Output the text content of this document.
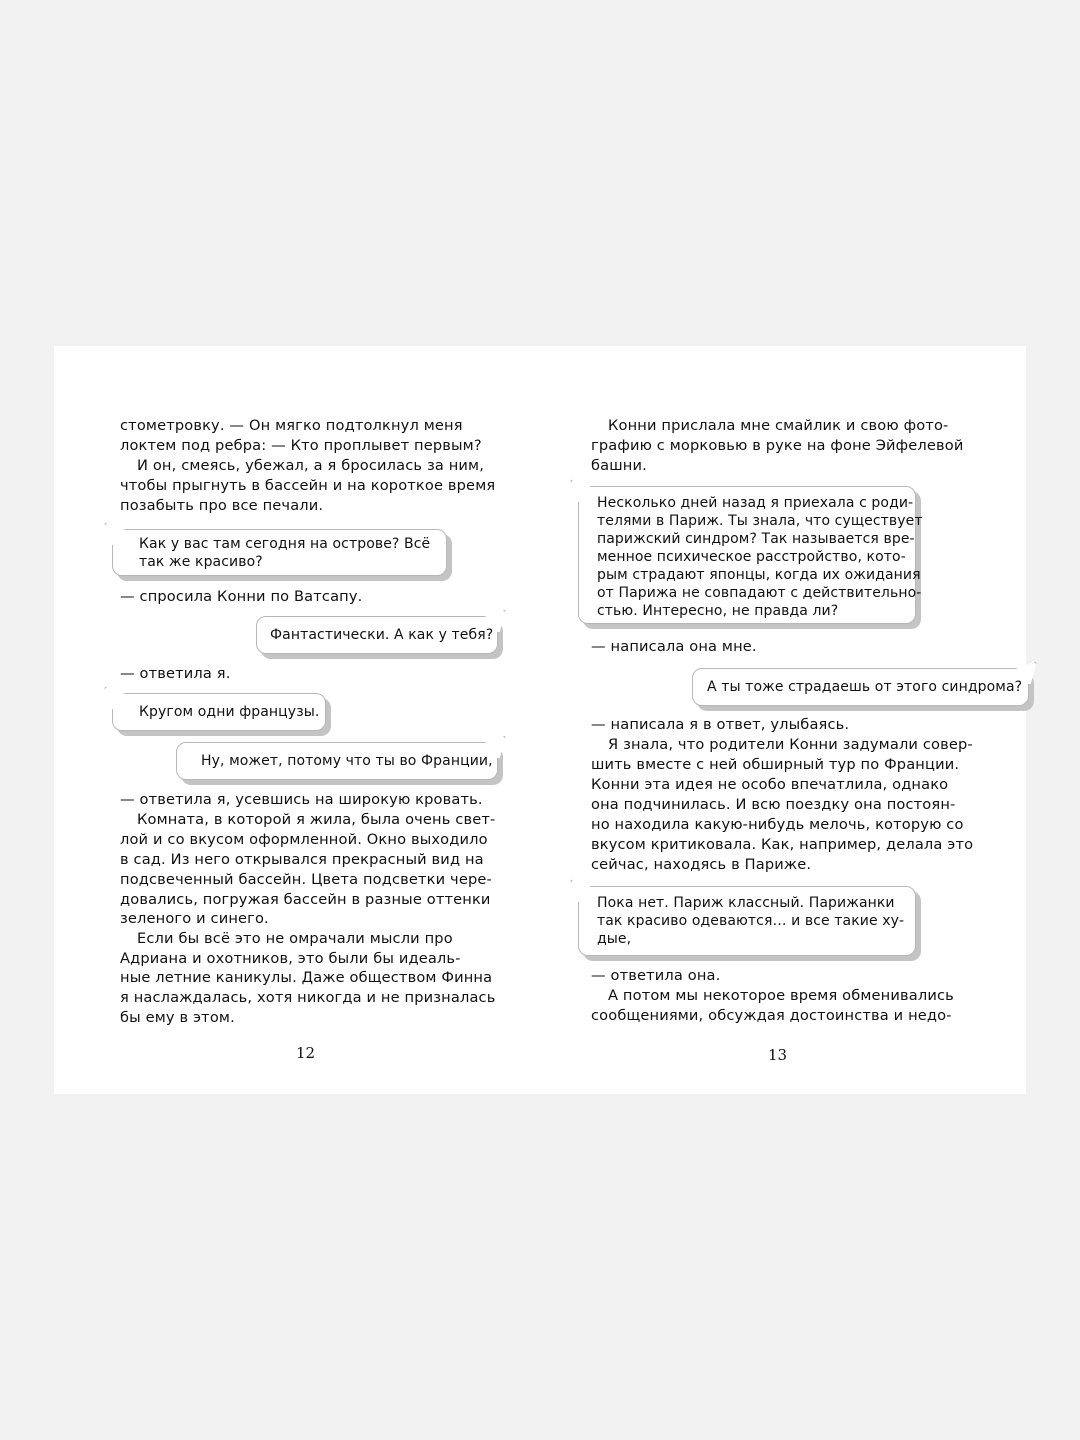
стометровку. — Он мягко подтолкнул меня
локтем под ребра: — Кто проплывет первым?
И он, смеясь, убежал, а я бросилась за ним,
чтобы прыгнуть в бассейн и на короткое время
позабыть про все печали.
Как у вас там сегодня на острове? Всё
так же красиво?
— спросила Конни по Ватсапу.
Фантастически. А как у тебя?
— ответила я.
Кругом одни французы.
Ну, может, потому что ты во Франции,
— ответила я, усевшись на широкую кровать.
Комната, в которой я жила, была очень свет-
лой и со вкусом оформленной. Окно выходило
в сад. Из него открывался прекрасный вид на
подсвеченный бассейн. Цвета подсветки чере-
довались, погружая бассейн в разные оттенки
зеленого и синего.
Если бы всё это не омрачали мысли про
Адриана и охотников, это были бы идеаль-
ные летние каникулы. Даже обществом Финна
я наслаждалась, хотя никогда и не призналась
бы ему в этом.
12
Конни прислала мне смайлик и свою фото-
графию с морковью в руке на фоне Эйфелевой
башни.
Несколько дней назад я приехала с роди-
телями в Париж. Ты знала, что существует
парижский синдром? Так называется вре-
менное психическое расстройство, кото-
рым страдают японцы, когда их ожидания
от Парижа не совпадают с действительно-
стью. Интересно, не правда ли?
— написала она мне.
А ты тоже страдаешь от этого синдрома?
— написала я в ответ, улыбаясь.
Я знала, что родители Конни задумали совер-
шить вместе с ней обширный тур по Франции.
Конни эта идея не особо впечатлила, однако
она подчинилась. И всю поездку она постоян-
но находила какую-нибудь мелочь, которую со
вкусом критиковала. Как, например, делала это
сейчас, находясь в Париже.
Пока нет. Париж классный. Парижанки
так красиво одеваются… и все такие ху-
дые,
— ответила она.
А потом мы некоторое время обменивались
сообщениями, обсуждая достоинства и недо-
13
